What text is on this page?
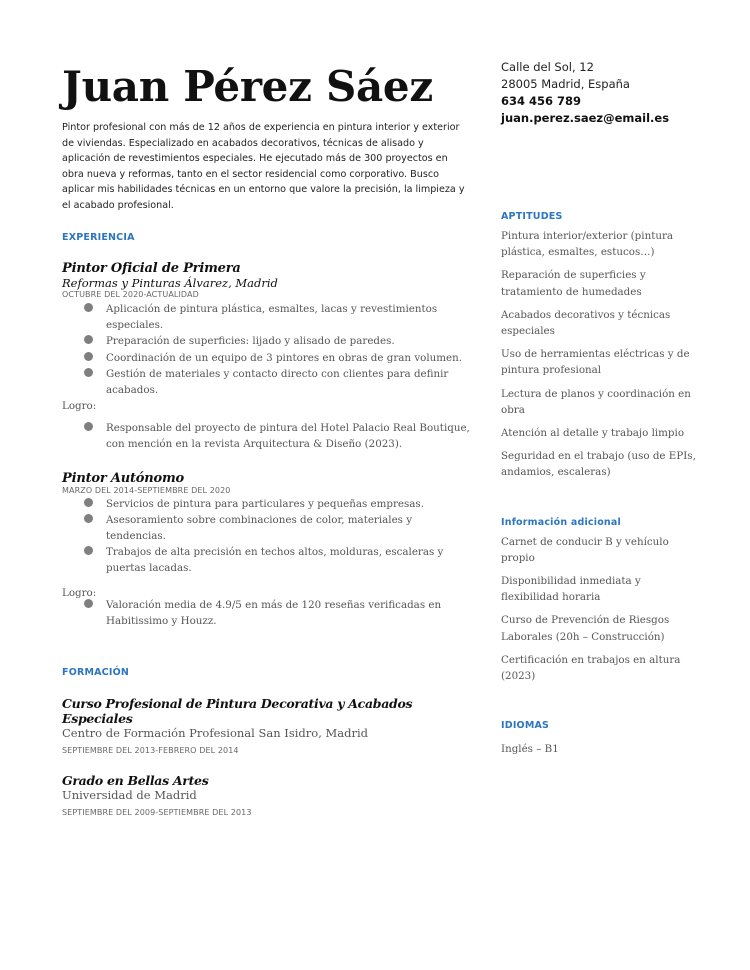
Juan Pérez Sáez
Pintor profesional con más de 12 años de experiencia en pintura interior y exterior de viviendas. Especializado en acabados decorativos, técnicas de alisado y aplicación de revestimientos especiales. He ejecutado más de 300 proyectos en obra nueva y reformas, tanto en el sector residencial como corporativo. Busco aplicar mis habilidades técnicas en un entorno que valore la precisión, la limpieza y el acabado profesional.
EXPERIENCIA
Pintor Oficial de Primera
Reformas y Pinturas Álvarez, Madrid
OCTUBRE DEL 2020-ACTUALIDAD
Aplicación de pintura plástica, esmaltes, lacas y revestimientos especiales.
Preparación de superficies: lijado y alisado de paredes.
Coordinación de un equipo de 3 pintores en obras de gran volumen.
Gestión de materiales y contacto directo con clientes para definir acabados.
Logro:
Responsable del proyecto de pintura del Hotel Palacio Real Boutique, con mención en la revista Arquitectura & Diseño (2023).
Pintor Autónomo
MARZO DEL 2014-SEPTIEMBRE DEL 2020
Servicios de pintura para particulares y pequeñas empresas.
Asesoramiento sobre combinaciones de color, materiales y tendencias.
Trabajos de alta precisión en techos altos, molduras, escaleras y puertas lacadas.
Logro:
Valoración media de 4.9/5 en más de 120 reseñas verificadas en Habitissimo y Houzz.
FORMACIÓN
Curso Profesional de Pintura Decorativa y Acabados Especiales
Centro de Formación Profesional San Isidro, Madrid
SEPTIEMBRE DEL 2013-FEBRERO DEL 2014
Grado en Bellas Artes
Universidad de Madrid
SEPTIEMBRE DEL 2009-SEPTIEMBRE DEL 2013
Calle del Sol, 12
28005 Madrid, España
634 456 789
juan.perez.saez@email.es
APTITUDES
Pintura interior/exterior (pintura plástica, esmaltes, estucos…)
Reparación de superficies y tratamiento de humedades
Acabados decorativos y técnicas especiales
Uso de herramientas eléctricas y de pintura profesional
Lectura de planos y coordinación en obra
Atención al detalle y trabajo limpio
Seguridad en el trabajo (uso de EPIs, andamios, escaleras)
Información adicional
Carnet de conducir B y vehículo propio
Disponibilidad inmediata y flexibilidad horaria
Curso de Prevención de Riesgos Laborales (20h – Construcción)
Certificación en trabajos en altura (2023)
IDIOMAS
Inglés – B1
